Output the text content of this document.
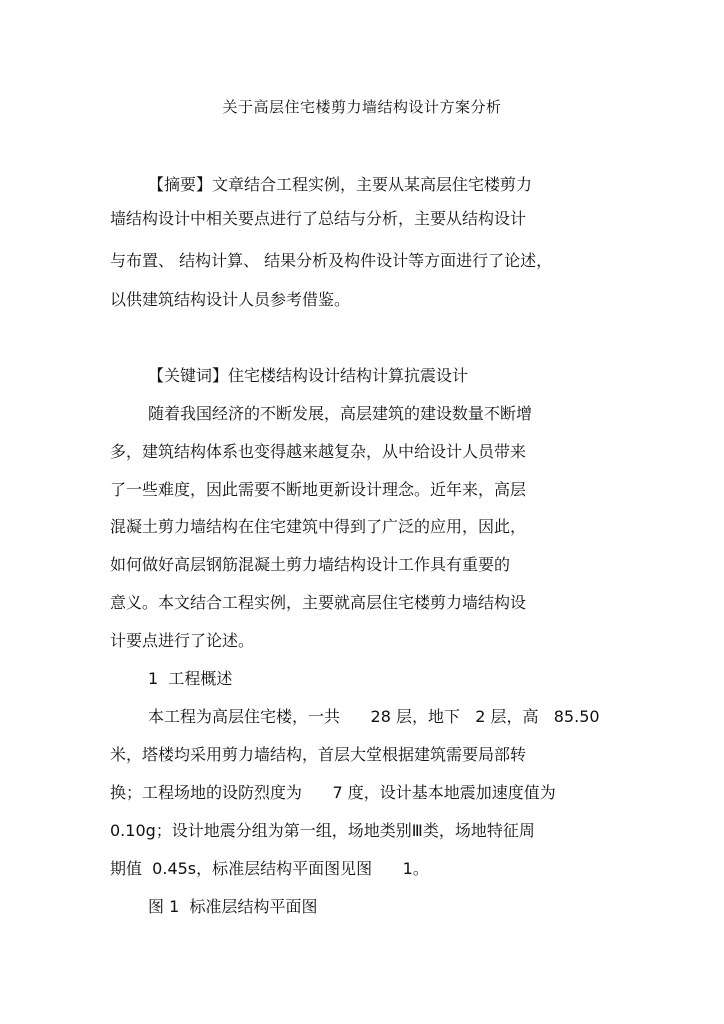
关于高层住宅楼剪力墙结构设计方案分析
【摘要】文章结合工程实例，主要从某高层住宅楼剪力
墙结构设计中相关要点进行了总结与分析，主要从结构设计
与布置、 结构计算、 结果分析及构件设计等方面进行了论述，
以供建筑结构设计人员参考借鉴。
【关键词】住宅楼结构设计结构计算抗震设计
随着我国经济的不断发展，高层建筑的建设数量不断增
多，建筑结构体系也变得越来越复杂，从中给设计人员带来
了一些难度，因此需要不断地更新设计理念。近年来，高层
混凝土剪力墙结构在住宅建筑中得到了广泛的应用，因此，
如何做好高层钢筋混凝土剪力墙结构设计工作具有重要的
意义。本文结合工程实例，主要就高层住宅楼剪力墙结构设
计要点进行了论述。
1  工程概述
本工程为高层住宅楼，一共      28 层，地下   2 层，高   85.50
米，塔楼均采用剪力墙结构，首层大堂根据建筑需要局部转
换；工程场地的设防烈度为      7 度，设计基本地震加速度值为
0.10g；设计地震分组为第一组，场地类别Ⅲ类，场地特征周
期值  0.45s，标准层结构平面图见图      1。
图 1  标准层结构平面图
